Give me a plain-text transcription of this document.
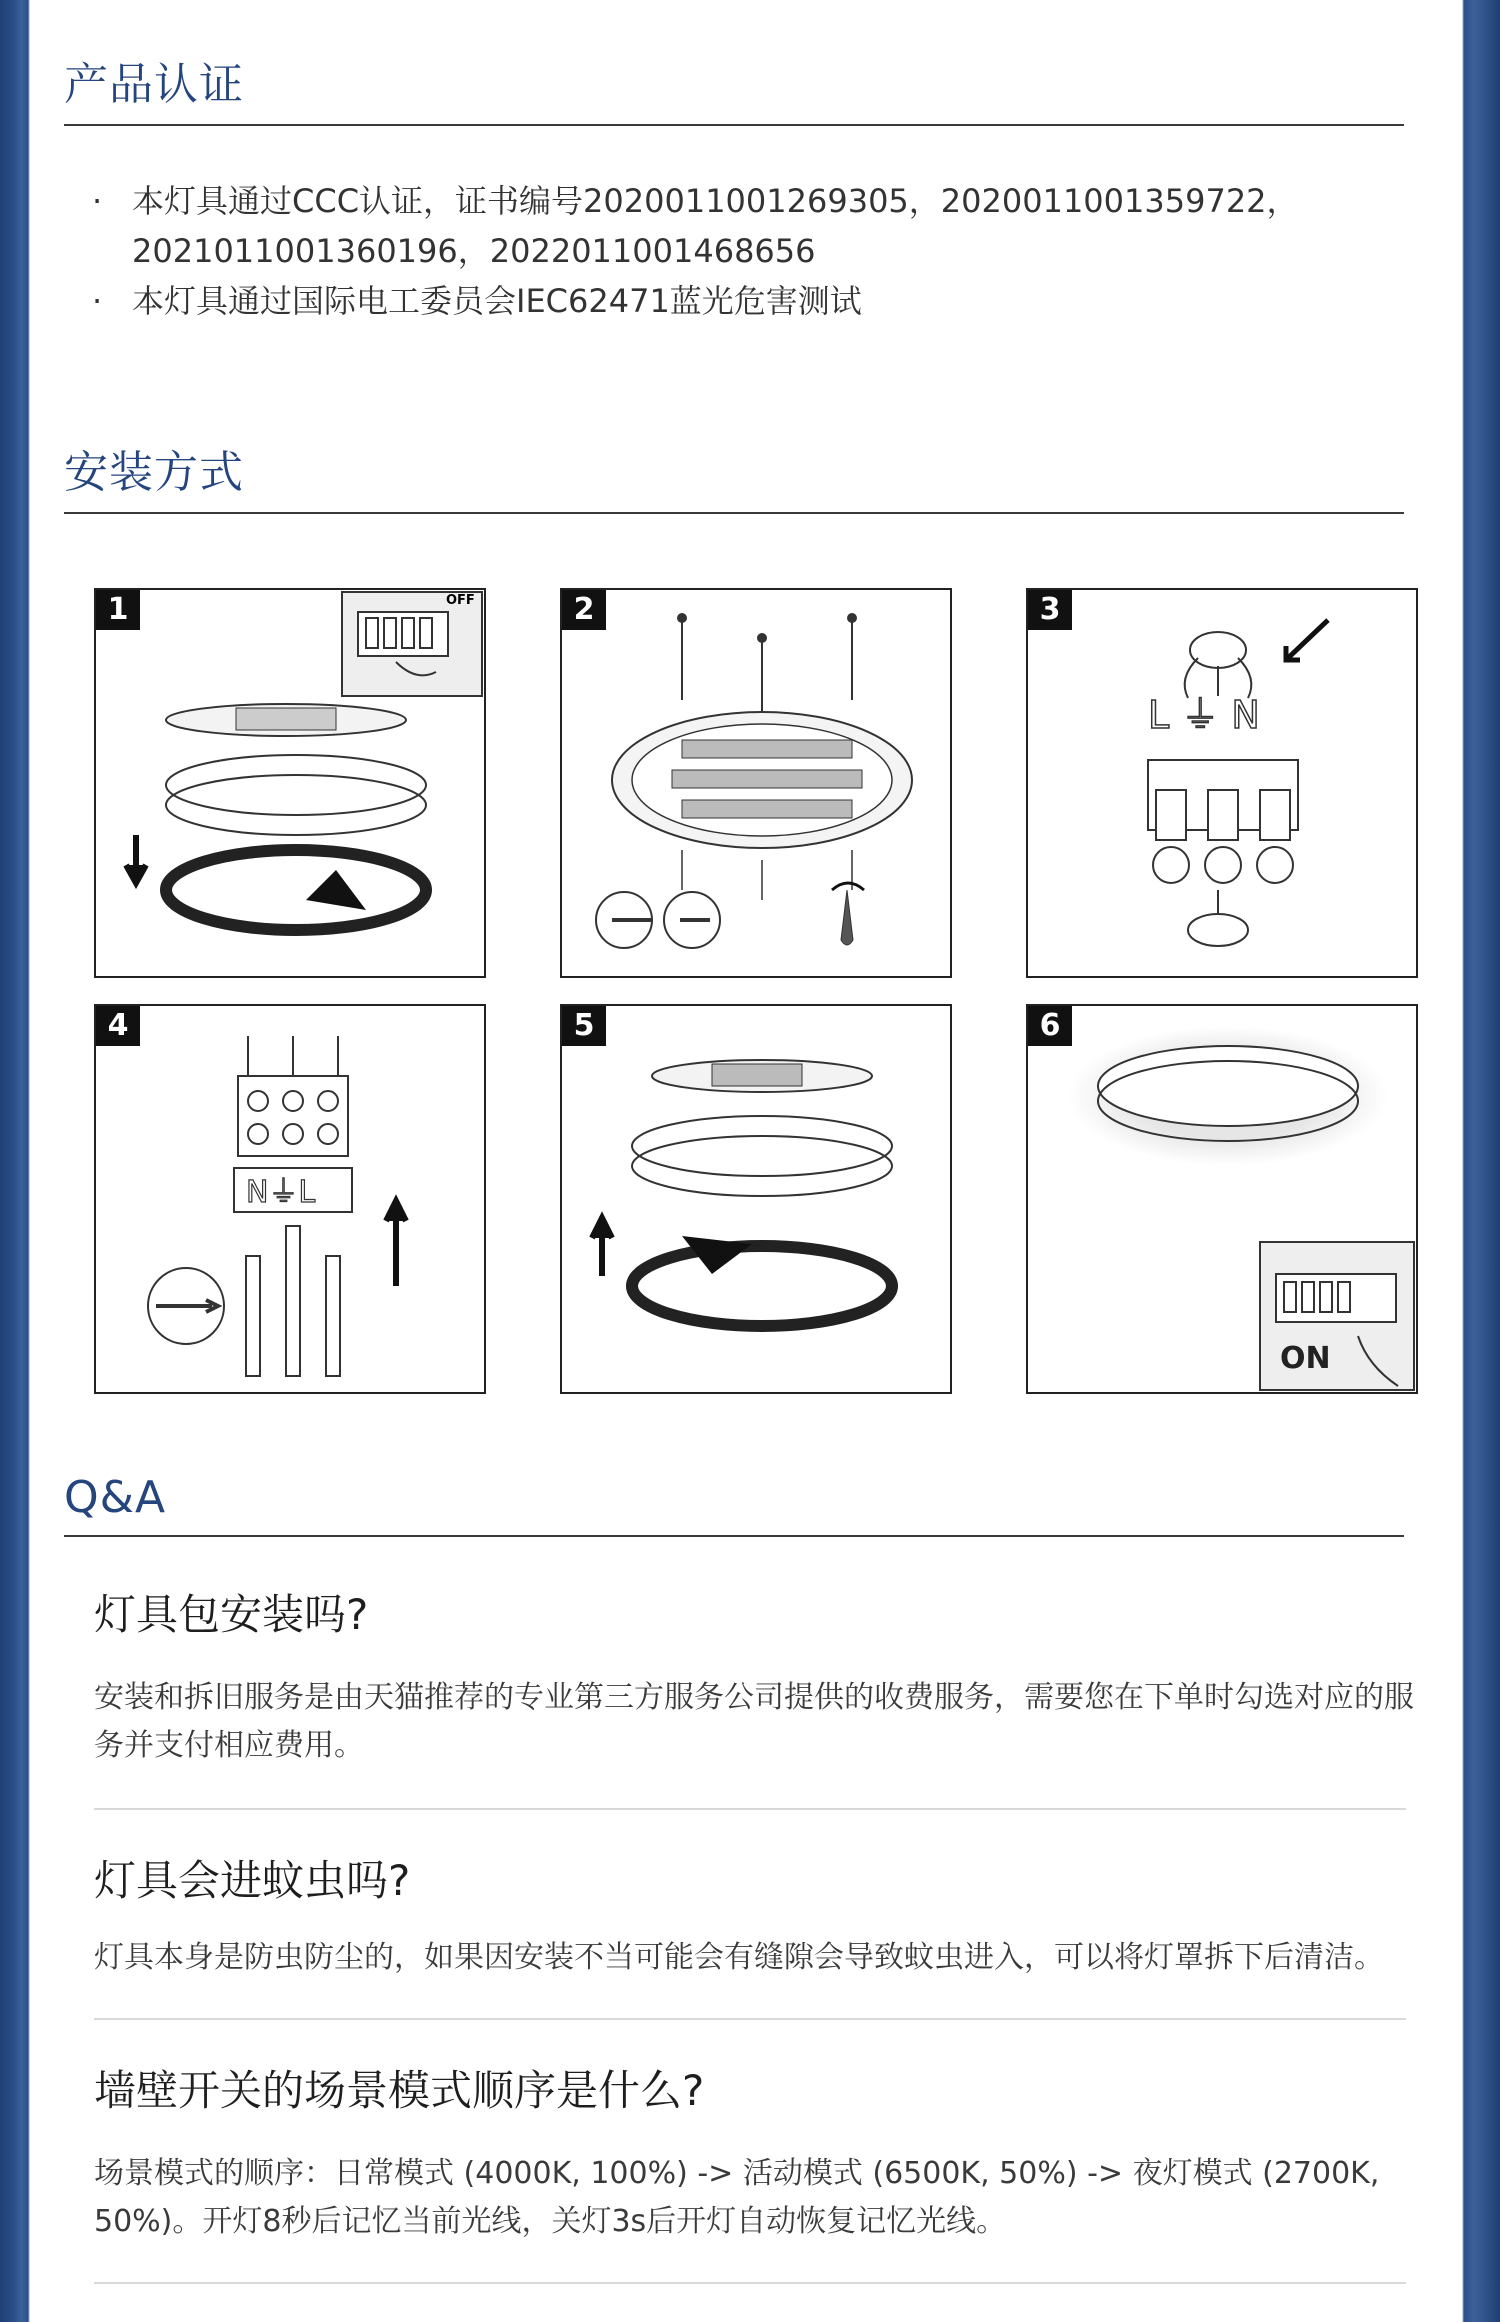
产品认证
· 本灯具通过CCC认证，证书编号2020011001269305，2020011001359722，2021011001360196，2022011001468656
· 本灯具通过国际电工委员会IEC62471蓝光危害测试
安装方式
OFF
1	2
L ⏚ N
3
N⏚L
4	5
ON
6
Q&A
灯具包安装吗?
安装和拆旧服务是由天猫推荐的专业第三方服务公司提供的收费服务，需要您在下单时勾选对应的服务并支付相应费用。
灯具会进蚊虫吗?
灯具本身是防虫防尘的，如果因安装不当可能会有缝隙会导致蚊虫进入，可以将灯罩拆下后清洁。
墙壁开关的场景模式顺序是什么?
场景模式的顺序：日常模式 (4000K, 100%) -> 活动模式 (6500K, 50%) -> 夜灯模式 (2700K, 50%)。开灯8秒后记忆当前光线，关灯3s后开灯自动恢复记忆光线。
